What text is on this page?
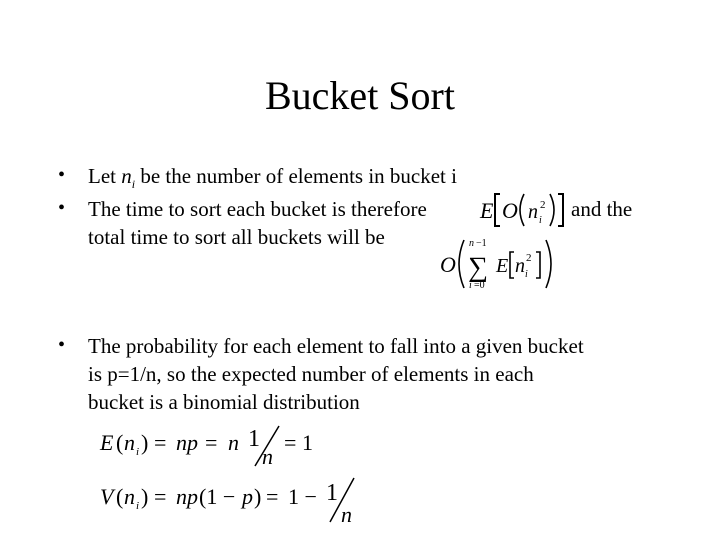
Bucket Sort
• Let $n_i$ be the number of elements in bucket i
• The time to sort each bucket is therefore	and the
total time to sort all buckets will be
E O n i
2
O
n −1
∑
i =0
E n i
2
• The probability for each element to fall into a given bucket
is p=1/n, so the expected number of elements in each
bucket is a binomial distribution
E ( n i ) = np = n 1
n
= 1
V ( n i ) = np (1 − p ) = 1 − 1
n
